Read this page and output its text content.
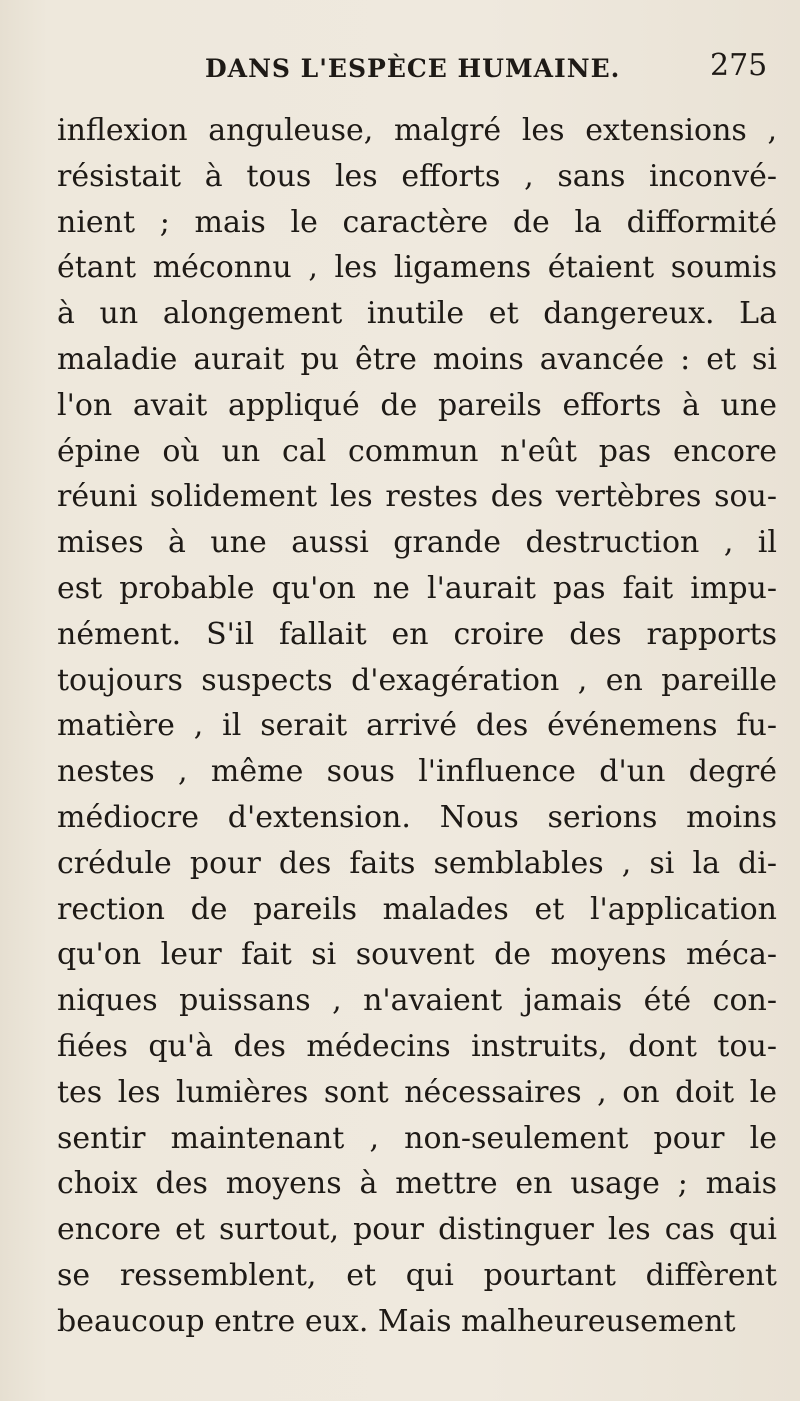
DANS L'ESPÈCE HUMAINE.	275
inflexion anguleuse, malgré les extensions ,
résistait à tous les efforts , sans inconvé-
nient ; mais le caractère de la difformité
étant méconnu , les ligamens étaient soumis
à un alongement inutile et dangereux. La
maladie aurait pu être moins avancée : et si
l'on avait appliqué de pareils efforts à une
épine où un cal commun n'eût pas encore
réuni solidement les restes des vertèbres sou-
mises à une aussi grande destruction , il
est probable qu'on ne l'aurait pas fait impu-
nément. S'il fallait en croire des rapports
toujours suspects d'exagération , en pareille
matière , il serait arrivé des événemens fu-
nestes , même sous l'influence d'un degré
médiocre d'extension. Nous serions moins
crédule pour des faits semblables , si la di-
rection de pareils malades et l'application
qu'on leur fait si souvent de moyens méca-
niques puissans , n'avaient jamais été con-
fiées qu'à des médecins instruits, dont tou-
tes les lumières sont nécessaires , on doit le
sentir maintenant , non-seulement pour le
choix des moyens à mettre en usage ; mais
encore et surtout, pour distinguer les cas qui
se ressemblent, et qui pourtant diffèrent
beaucoup entre eux. Mais malheureusement
